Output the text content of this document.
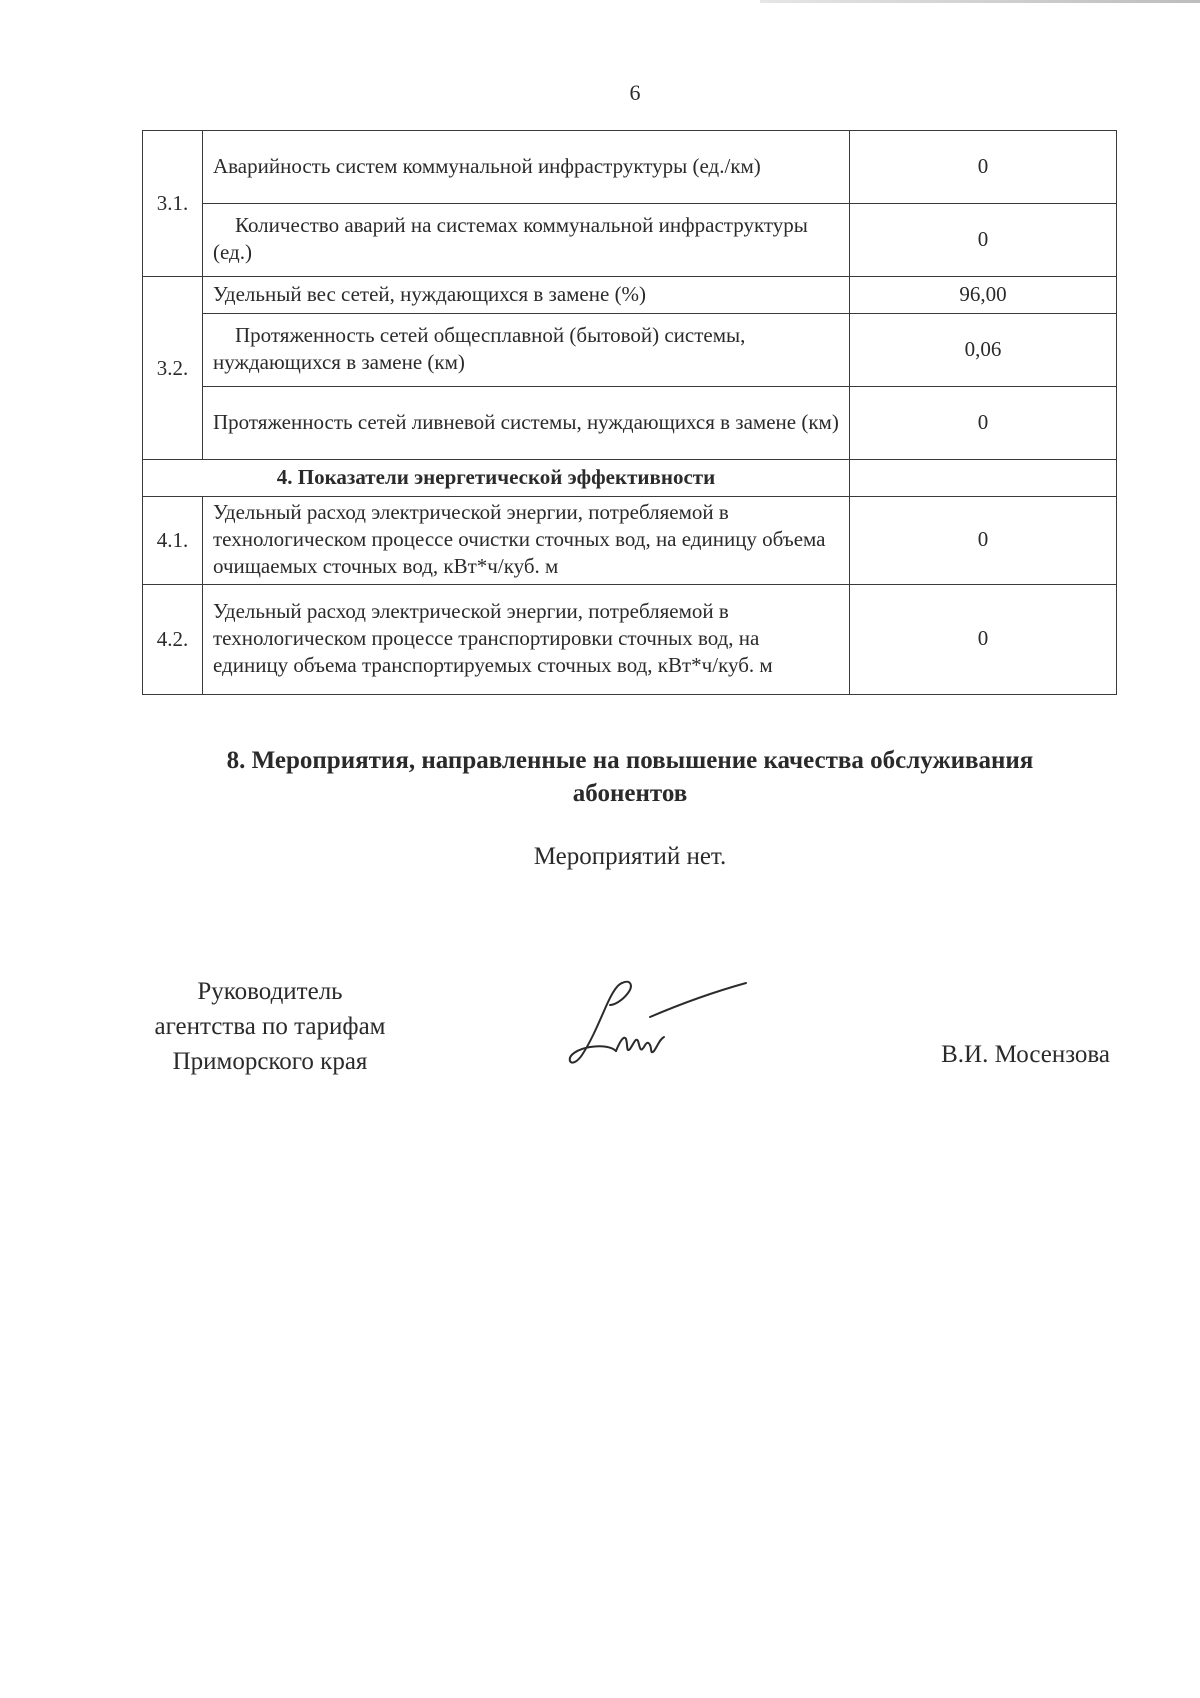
6
3.1.	Аварийность систем коммунальной инфраструктуры (ед./км)	0

	Количество аварий на системах коммунальной инфраструктуры (ед.)	0
3.2.	Удельный вес сетей, нуждающихся в замене (%)	96,00

	Протяженность сетей общесплавной (бытовой) системы, нуждающихся в замене (км)	0,06
	Протяженность сетей ливневой системы, нуждающихся в замене (км)	0
4. Показатели энергетической эффективности		
4.1.	Удельный расход электрической энергии, потребляемой в технологическом процессе очистки сточных вод, на единицу объема очищаемых сточных вод, кВт*ч/куб. м	0
4.2.	Удельный расход электрической энергии, потребляемой в технологическом процессе транспортировки сточных вод, на единицу объема транспортируемых сточных вод, кВт*ч/куб. м	0
8. Мероприятия, направленные на повышение качества обслуживания абонентов
Мероприятий нет.
Руководитель
агентства по тарифам
Приморского края	В.И. Мосензова
